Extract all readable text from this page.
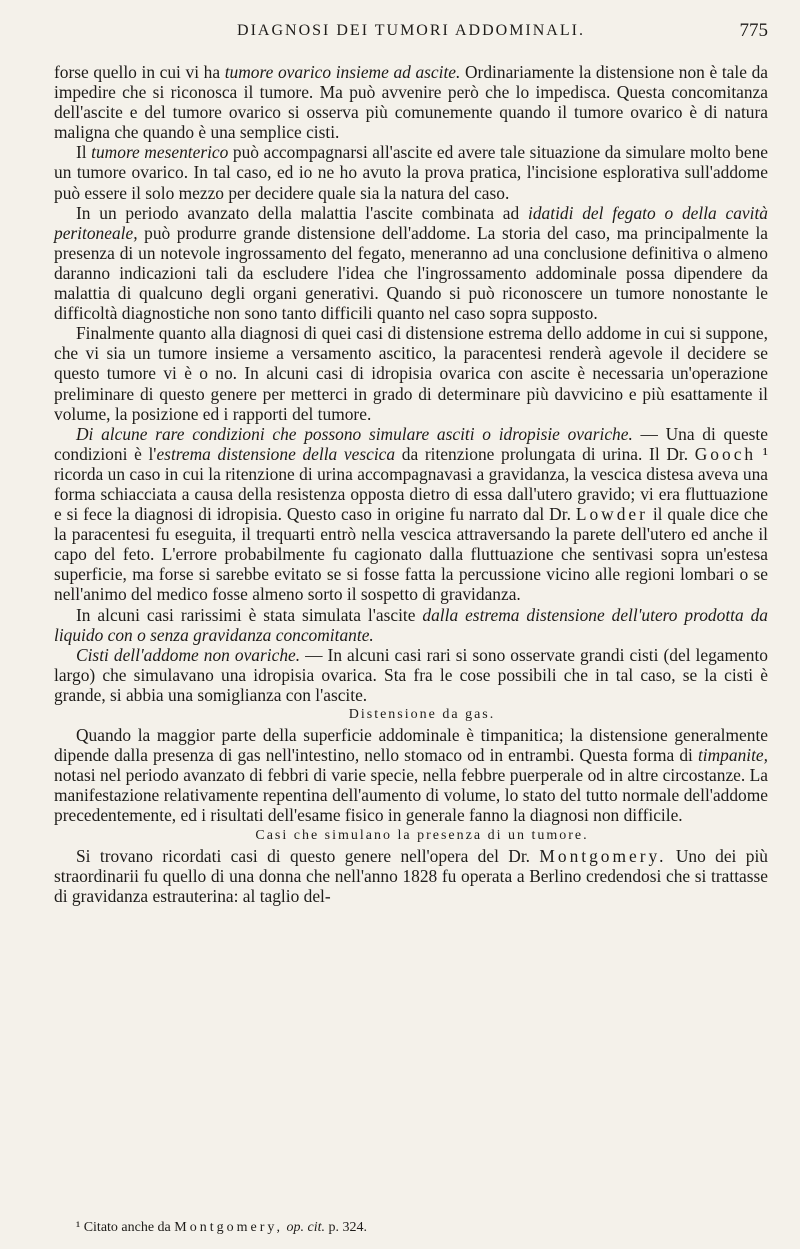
DIAGNOSI DEI TUMORI ADDOMINALI.	775

forse quello in cui vi ha tumore ovarico insieme ad ascite. Ordinariamente la distensione non è tale da impedire che si riconosca il tumore. Ma può avvenire però che lo impedisca. Questa concomitanza dell'ascite e del tumore ovarico si osserva più comunemente quando il tumore ovarico è di natura maligna che quando è una semplice cisti.

Il tumore mesenterico può accompagnarsi all'ascite ed avere tale situazione da simulare molto bene un tumore ovarico. In tal caso, ed io ne ho avuto la prova pratica, l'incisione esplorativa sull'addome può essere il solo mezzo per decidere quale sia la natura del caso.

In un periodo avanzato della malattia l'ascite combinata ad idatidi del fegato o della cavità peritoneale, può produrre grande distensione dell'addome. La storia del caso, ma principalmente la presenza di un notevole ingrossamento del fegato, meneranno ad una conclusione definitiva o almeno daranno indicazioni tali da escludere l'idea che l'ingrossamento addominale possa dipendere da malattia di qualcuno degli organi generativi. Quando si può riconoscere un tumore nonostante le difficoltà diagnostiche non sono tanto difficili quanto nel caso sopra supposto.

Finalmente quanto alla diagnosi di quei casi di distensione estrema dello addome in cui si suppone, che vi sia un tumore insieme a versamento ascitico, la paracentesi renderà agevole il decidere se questo tumore vi è o no. In alcuni casi di idropisia ovarica con ascite è necessaria un'operazione preliminare di questo genere per metterci in grado di determinare più davvicino e più esattamente il volume, la posizione ed i rapporti del tumore.

Di alcune rare condizioni che possono simulare asciti o idropisie ovariche. — Una di queste condizioni è l'estrema distensione della vescica da ritenzione prolungata di urina. Il Dr. Gooch ¹ ricorda un caso in cui la ritenzione di urina accompagnavasi a gravidanza, la vescica distesa aveva una forma schiacciata a causa della resistenza opposta dietro di essa dall'utero gravido; vi era fluttuazione e si fece la diagnosi di idropisia. Questo caso in origine fu narrato dal Dr. Lowder il quale dice che la paracentesi fu eseguita, il trequarti entrò nella vescica attraversando la parete dell'utero ed anche il capo del feto. L'errore probabilmente fu cagionato dalla fluttuazione che sentivasi sopra un'estesa superficie, ma forse si sarebbe evitato se si fosse fatta la percussione vicino alle regioni lombari o se nell'animo del medico fosse almeno sorto il sospetto di gravidanza.

In alcuni casi rarissimi è stata simulata l'ascite dalla estrema distensione dell'utero prodotta da liquido con o senza gravidanza concomitante.

Cisti dell'addome non ovariche. — In alcuni casi rari si sono osservate grandi cisti (del legamento largo) che simulavano una idropisia ovarica. Sta fra le cose possibili che in tal caso, se la cisti è grande, si abbia una somiglianza con l'ascite.

Distensione da gas.

Quando la maggior parte della superficie addominale è timpanitica; la distensione generalmente dipende dalla presenza di gas nell'intestino, nello stomaco od in entrambi. Questa forma di timpanite, notasi nel periodo avanzato di febbri di varie specie, nella febbre puerperale od in altre circostanze. La manifestazione relativamente repentina dell'aumento di volume, lo stato del tutto normale dell'addome precedentemente, ed i risultati dell'esame fisico in generale fanno la diagnosi non difficile.

Casi che simulano la presenza di un tumore.

Si trovano ricordati casi di questo genere nell'opera del Dr. Montgomery. Uno dei più straordinarii fu quello di una donna che nell'anno 1828 fu operata a Berlino credendosi che si trattasse di gravidanza estrauterina: al taglio del-

¹ Citato anche da Montgomery, op. cit. p. 324.
